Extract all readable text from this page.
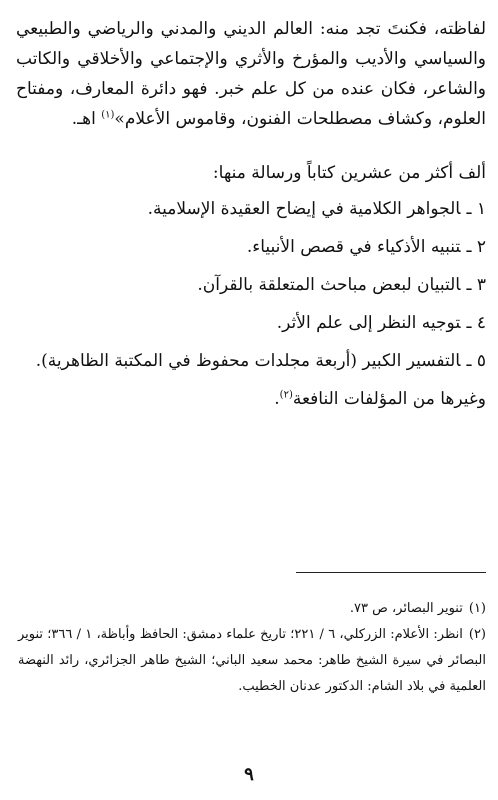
لفاظته، فكنتَ تجد منه: العالم الديني والمدني والرياضي والطبيعي والسياسي والأديب والمؤرخ والأثري والإجتماعي والأخلاقي والكاتب والشاعر، فكان عنده من كل علم خبر. فهو دائرة المعارف، ومفتاح العلوم، وكشاف مصطلحات الفنون، وقاموس الأعلام»$^{(١)}$ اهـ.

ألف أكثر من عشرين كتاباً ورسالة منها:

١ ـالجواهر الكلامية في إيضاح العقيدة الإسلامية.
٢ ـتنبيه الأذكياء في قصص الأنبياء.
٣ ـالتبيان لبعض مباحث المتعلقة بالقرآن.
٤ ـتوجيه النظر إلى علم الأثر.
٥ ـالتفسير الكبير (أربعة مجلدات محفوظ في المكتبة الظاهرية).

وغيرها من المؤلفات النافعة$^{(٢)}$.

(١)تنوير البصائر، ص ٧٣.

(٢)انظر: الأعلام: الزركلي، ٦ / ٢٢١؛ تاريخ علماء دمشق: الحافظ وأباظة، ١ / ٣٦٦؛ تنوير البصائر في سيرة الشيخ طاهر: محمد سعيد الباني؛ الشيخ طاهر الجزائري، رائد النهضة العلمية في بلاد الشام: الدكتور عدنان الخطيب.

٩
